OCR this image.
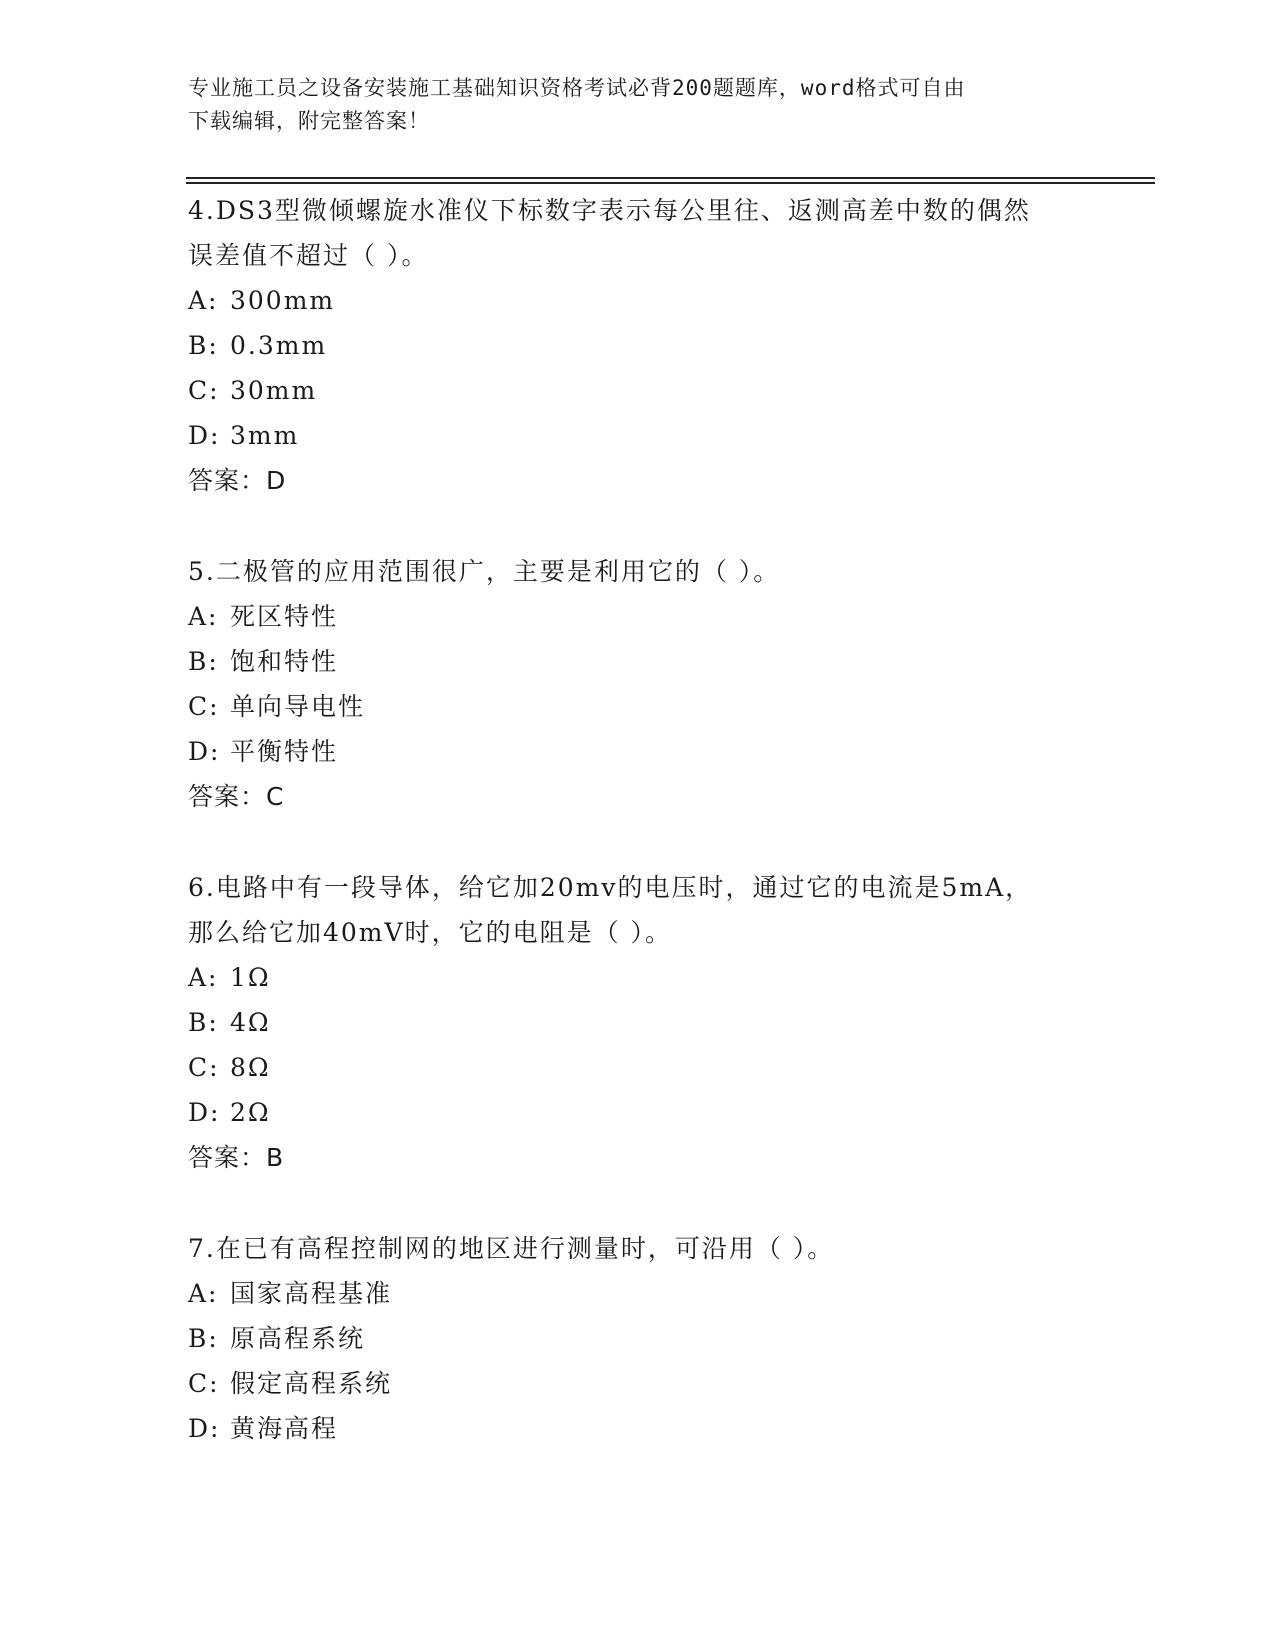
专业施工员之设备安装施工基础知识资格考试必背200题题库，word格式可自由
下载编辑，附完整答案！
4.DS3型微倾螺旋水准仪下标数字表示每公里往、返测高差中数的偶然
误差值不超过（ ）。
A: 300mm
B: 0.3mm
C: 30mm
D: 3mm
答案：D
5.二极管的应用范围很广，主要是利用它的（ ）。
A: 死区特性
B: 饱和特性
C: 单向导电性
D: 平衡特性
答案：C
6.电路中有一段导体，给它加20mv的电压时，通过它的电流是5mA，
那么给它加40mV时，它的电阻是（ ）。
A: 1Ω
B: 4Ω
C: 8Ω
D: 2Ω
答案：B
7.在已有高程控制网的地区进行测量时，可沿用（ ）。
A: 国家高程基准
B: 原高程系统
C: 假定高程系统
D: 黄海高程
